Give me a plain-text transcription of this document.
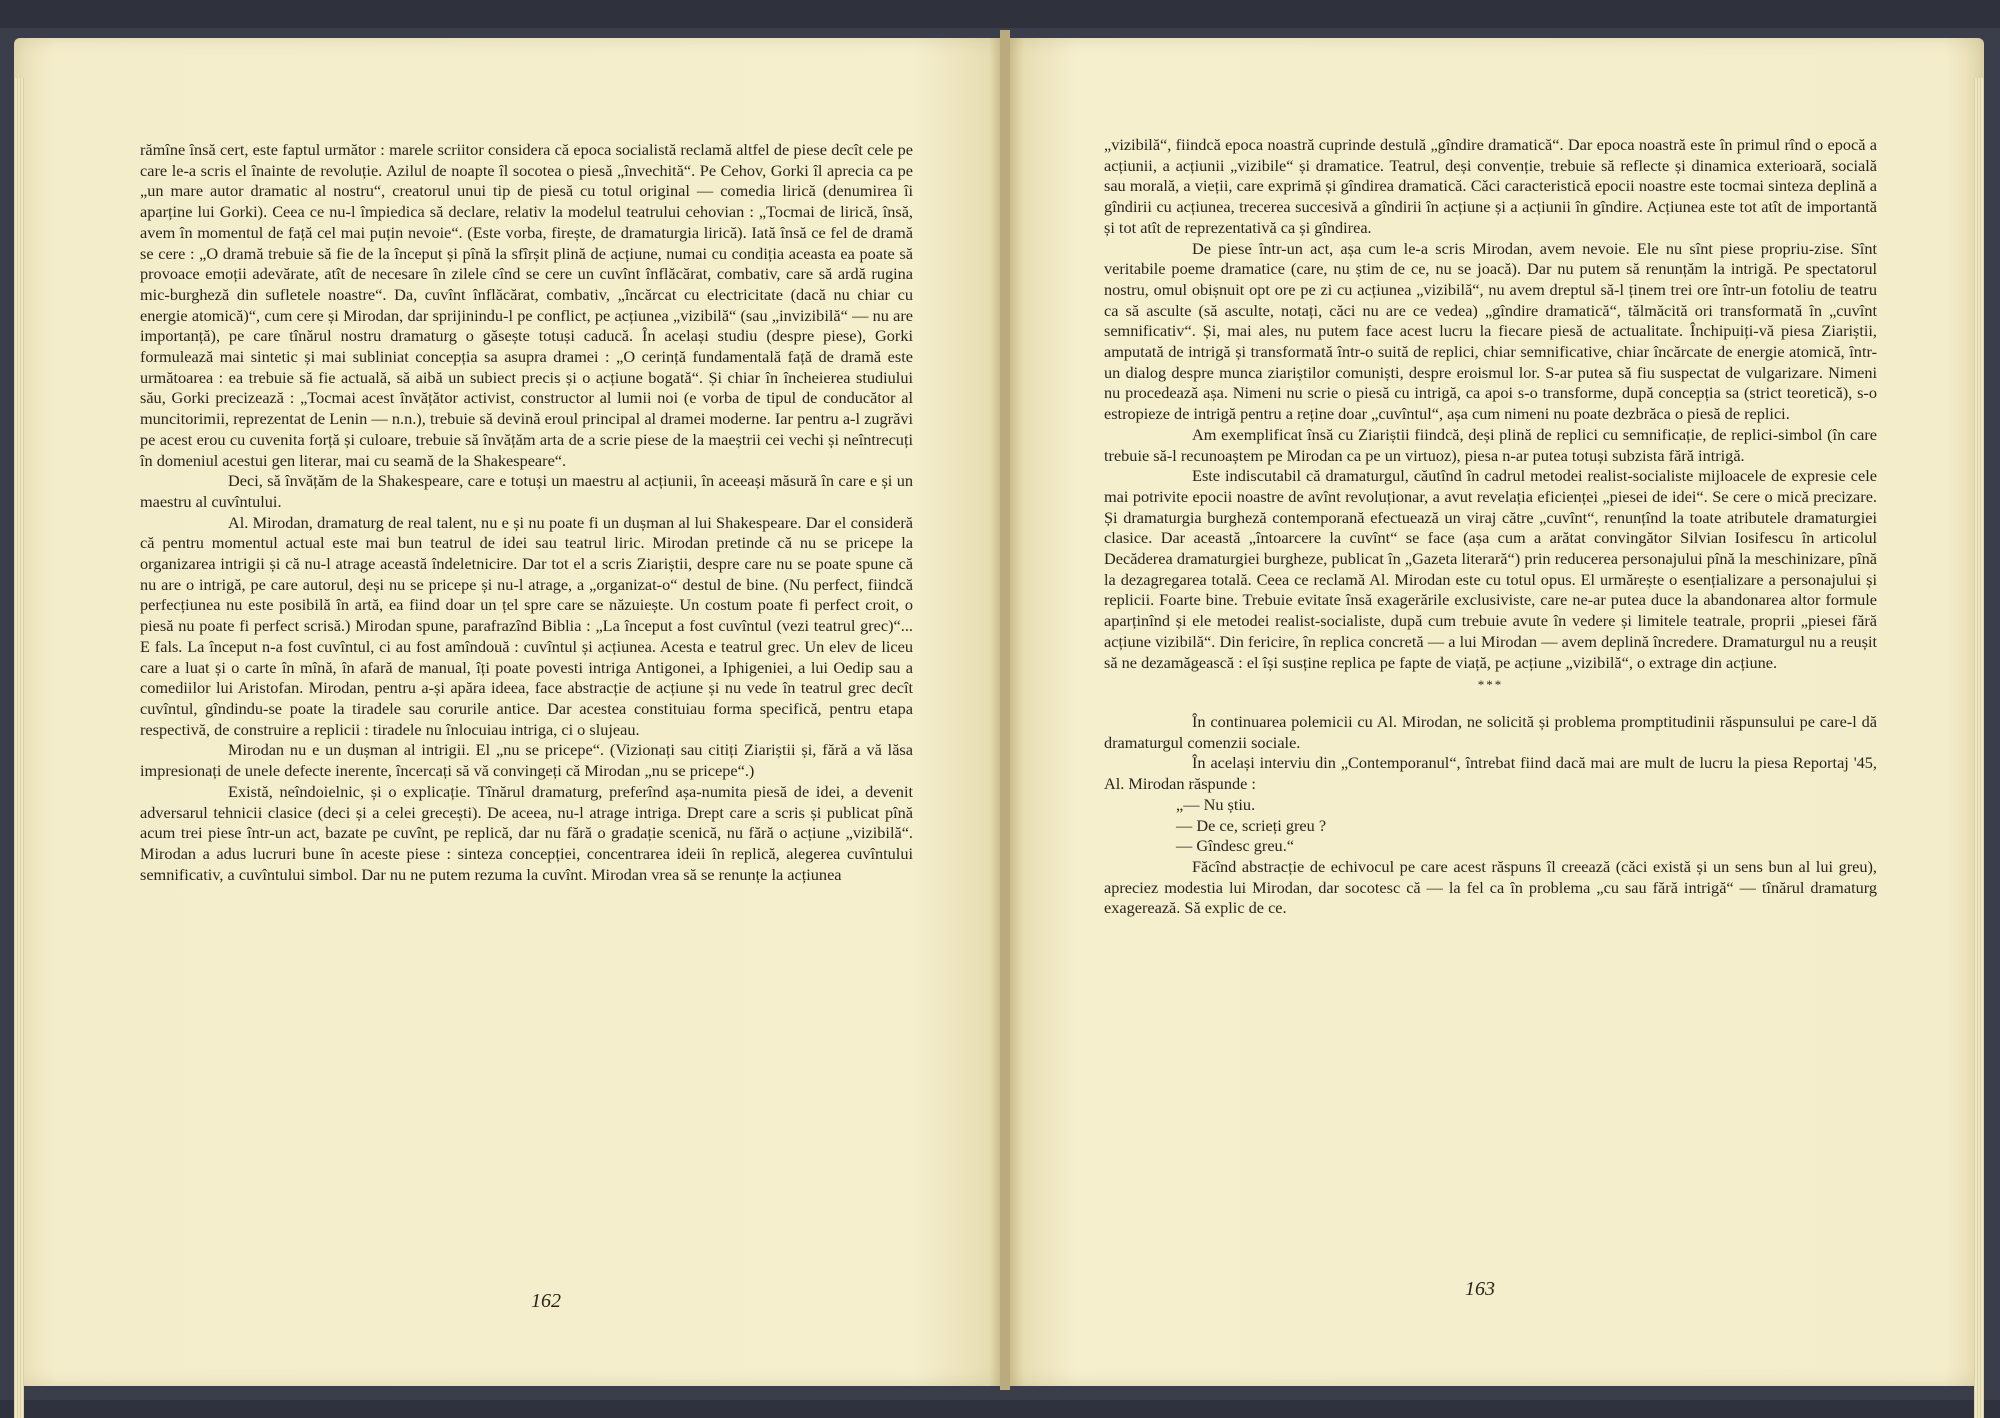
rămîne însă cert, este faptul următor : marele scriitor considera că epoca socialistă reclamă altfel de piese decît cele pe care le-a scris el înainte de revoluție. Azilul de noapte îl socotea o piesă „învechită“. Pe Cehov, Gorki îl aprecia ca pe „un mare autor dramatic al nostru“, creatorul unui tip de piesă cu totul original — comedia lirică (denumirea îi aparține lui Gorki). Ceea ce nu-l împiedica să declare, relativ la modelul teatrului cehovian : „Tocmai de lirică, însă, avem în momentul de față cel mai puțin nevoie“. (Este vorba, firește, de dramaturgia lirică). Iată însă ce fel de dramă se cere : „O dramă trebuie să fie de la început și pînă la sfîrșit plină de acțiune, numai cu condiția aceasta ea poate să provoace emoții adevărate, atît de necesare în zilele cînd se cere un cuvînt înflăcărat, combativ, care să ardă rugina mic-burgheză din sufletele noastre“. Da, cuvînt înflăcărat, combativ, „încărcat cu electricitate (dacă nu chiar cu energie atomică)“, cum cere și Mirodan, dar sprijinindu-l pe conflict, pe acțiunea „vizibilă“ (sau „invizibilă“ — nu are importanță), pe care tînărul nostru dramaturg o găsește totuși caducă. În același studiu (despre piese), Gorki formulează mai sintetic și mai subliniat concepția sa asupra dramei : „O cerință fundamentală față de dramă este următoarea : ea trebuie să fie actuală, să aibă un subiect precis și o acțiune bogată“. Și chiar în încheierea studiului său, Gorki precizează : „Tocmai acest învățător activist, constructor al lumii noi (e vorba de tipul de conducător al muncitorimii, reprezentat de Lenin — n.n.), trebuie să devină eroul principal al dramei moderne. Iar pentru a-l zugrăvi pe acest erou cu cuvenita forță și culoare, trebuie să învățăm arta de a scrie piese de la maeștrii cei vechi și neîntrecuți în domeniul acestui gen literar, mai cu seamă de la Shakespeare“.

Deci, să învățăm de la Shakespeare, care e totuși un maestru al acțiunii, în aceeași măsură în care e și un maestru al cuvîntului.

Al. Mirodan, dramaturg de real talent, nu e și nu poate fi un dușman al lui Shakespeare. Dar el consideră că pentru momentul actual este mai bun teatrul de idei sau teatrul liric. Mirodan pretinde că nu se pricepe la organizarea intrigii și că nu-l atrage această îndeletnicire. Dar tot el a scris Ziariștii, despre care nu se poate spune că nu are o intrigă, pe care autorul, deși nu se pricepe și nu-l atrage, a „organizat-o“ destul de bine. (Nu perfect, fiindcă perfecțiunea nu este posibilă în artă, ea fiind doar un țel spre care se năzuiește. Un costum poate fi perfect croit, o piesă nu poate fi perfect scrisă.) Mirodan spune, parafrazînd Biblia : „La început a fost cuvîntul (vezi teatrul grec)“... E fals. La început n-a fost cuvîntul, ci au fost amîndouă : cuvîntul și acțiunea. Acesta e teatrul grec. Un elev de liceu care a luat și o carte în mînă, în afară de manual, îți poate povesti intriga Antigonei, a Iphigeniei, a lui Oedip sau a comediilor lui Aristofan. Mirodan, pentru a-și apăra ideea, face abstracție de acțiune și nu vede în teatrul grec decît cuvîntul, gîndindu-se poate la tiradele sau corurile antice. Dar acestea constituiau forma specifică, pentru etapa respectivă, de construire a replicii : tiradele nu înlocuiau intriga, ci o slujeau.

Mirodan nu e un dușman al intrigii. El „nu se pricepe“. (Vizionați sau citiți Ziariștii și, fără a vă lăsa impresionați de unele defecte inerente, încercați să vă convingeți că Mirodan „nu se pricepe“.)

Există, neîndoielnic, și o explicație. Tînărul dramaturg, preferînd așa-numita piesă de idei, a devenit adversarul tehnicii clasice (deci și a celei grecești). De aceea, nu-l atrage intriga. Drept care a scris și publicat pînă acum trei piese într-un act, bazate pe cuvînt, pe replică, dar nu fără o gradație scenică, nu fără o acțiune „vizibilă“. Mirodan a adus lucruri bune în aceste piese : sinteza concepției, concentrarea ideii în replică, alegerea cuvîntului semnificativ, a cuvîntului simbol. Dar nu ne putem rezuma la cuvînt. Mirodan vrea să se renunțe la acțiunea

162

„vizibilă“, fiindcă epoca noastră cuprinde destulă „gîndire dramatică“. Dar epoca noastră este în primul rînd o epocă a acțiunii, a acțiunii „vizibile“ și dramatice. Teatrul, deși convenție, trebuie să reflecte și dinamica exterioară, socială sau morală, a vieții, care exprimă și gîndirea dramatică. Căci caracteristică epocii noastre este tocmai sinteza deplină a gîndirii cu acțiunea, trecerea succesivă a gîndirii în acțiune și a acțiunii în gîndire. Acțiunea este tot atît de importantă și tot atît de reprezentativă ca și gîndirea.

De piese într-un act, așa cum le-a scris Mirodan, avem nevoie. Ele nu sînt piese propriu-zise. Sînt veritabile poeme dramatice (care, nu știm de ce, nu se joacă). Dar nu putem să renunțăm la intrigă. Pe spectatorul nostru, omul obișnuit opt ore pe zi cu acțiunea „vizibilă“, nu avem dreptul să-l ținem trei ore într-un fotoliu de teatru ca să asculte (să asculte, notați, căci nu are ce vedea) „gîndire dramatică“, tălmăcită ori transformată în „cuvînt semnificativ“. Și, mai ales, nu putem face acest lucru la fiecare piesă de actualitate. Închipuiți-vă piesa Ziariștii, amputată de intrigă și transformată într-o suită de replici, chiar semnificative, chiar încărcate de energie atomică, într-un dialog despre munca ziariștilor comuniști, despre eroismul lor. S-ar putea să fiu suspectat de vulgarizare. Nimeni nu procedează așa. Nimeni nu scrie o piesă cu intrigă, ca apoi s-o transforme, după concepția sa (strict teoretică), s-o estropieze de intrigă pentru a reține doar „cuvîntul“, așa cum nimeni nu poate dezbrăca o piesă de replici.

Am exemplificat însă cu Ziariștii fiindcă, deși plină de replici cu semnificație, de replici-simbol (în care trebuie să-l recunoaștem pe Mirodan ca pe un virtuoz), piesa n-ar putea totuși subzista fără intrigă.

Este indiscutabil că dramaturgul, căutînd în cadrul metodei realist-socialiste mijloacele de expresie cele mai potrivite epocii noastre de avînt revoluționar, a avut revelația eficienței „piesei de idei“. Se cere o mică precizare. Și dramaturgia burgheză contemporană efectuează un viraj către „cuvînt“, renunțînd la toate atributele dramaturgiei clasice. Dar această „întoarcere la cuvînt“ se face (așa cum a arătat convingător Silvian Iosifescu în articolul Decăderea dramaturgiei burgheze, publicat în „Gazeta literară“) prin reducerea personajului pînă la meschinizare, pînă la dezagregarea totală. Ceea ce reclamă Al. Mirodan este cu totul opus. El urmărește o esențializare a personajului și replicii. Foarte bine. Trebuie evitate însă exagerările exclusiviste, care ne-ar putea duce la abandonarea altor formule aparținînd și ele metodei realist-socialiste, după cum trebuie avute în vedere și limitele teatrale, proprii „piesei fără acțiune vizibilă“. Din fericire, în replica concretă — a lui Mirodan — avem deplină încredere. Dramaturgul nu a reușit să ne dezamăgească : el își susține replica pe fapte de viață, pe acțiune „vizibilă“, o extrage din acțiune.

***

În continuarea polemicii cu Al. Mirodan, ne solicită și problema promptitudinii răspunsului pe care-l dă dramaturgul comenzii sociale.

În același interviu din „Contemporanul“, întrebat fiind dacă mai are mult de lucru la piesa Reportaj '45, Al. Mirodan răspunde :

„— Nu știu.

— De ce, scrieți greu ?

— Gîndesc greu.“

Făcînd abstracție de echivocul pe care acest răspuns îl creează (căci există și un sens bun al lui greu), apreciez modestia lui Mirodan, dar socotesc că — la fel ca în problema „cu sau fără intrigă“ — tînărul dramaturg exagerează. Să explic de ce.

163
